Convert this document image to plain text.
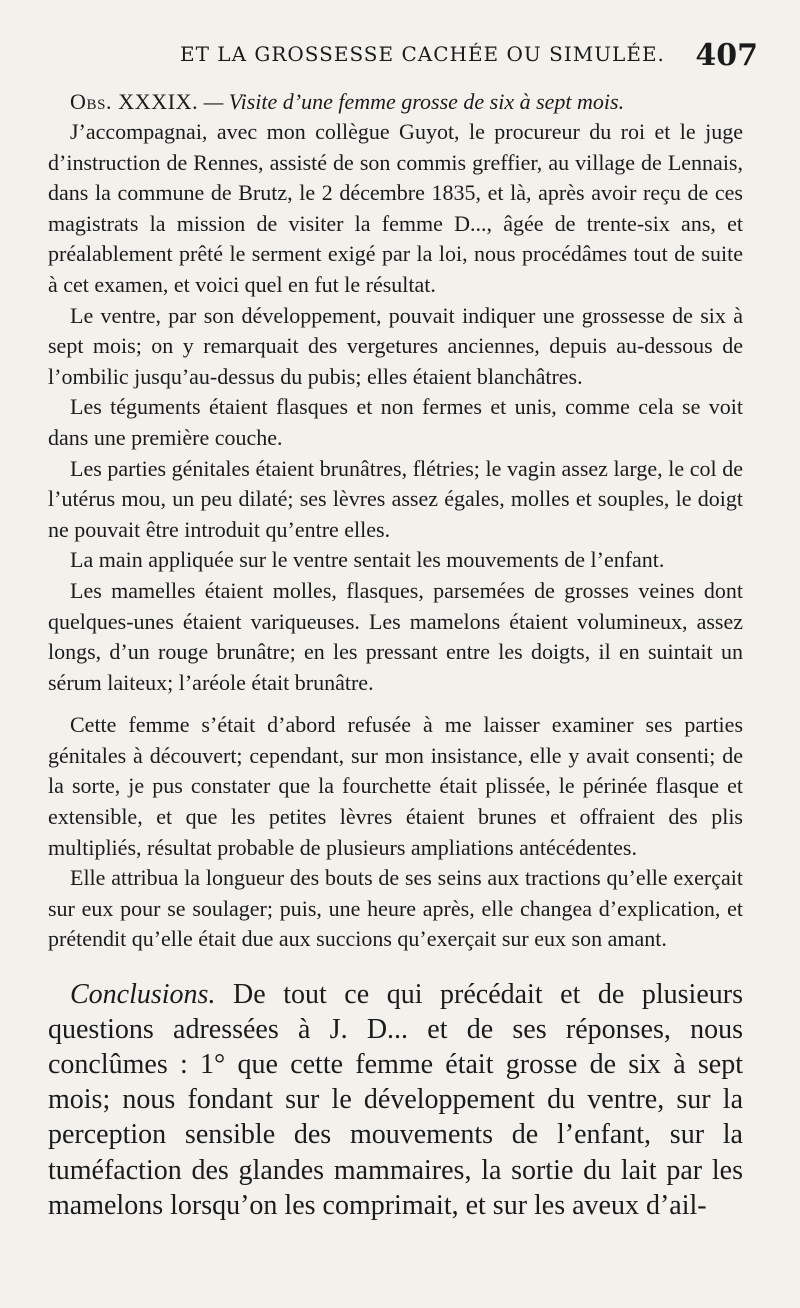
ET LA GROSSESSE CACHÉE OU SIMULÉE. 407

Obs. XXXIX. — Visite d’une femme grosse de six à sept mois.

J’accompagnai, avec mon collègue Guyot, le procureur du roi et le juge d’instruction de Rennes, assisté de son commis greffier, au village de Lennais, dans la commune de Brutz, le 2 décembre 1835, et là, après avoir reçu de ces magistrats la mission de visiter la femme D..., âgée de trente-six ans, et préalablement prêté le serment exigé par la loi, nous procédâmes tout de suite à cet examen, et voici quel en fut le résultat.

Le ventre, par son développement, pouvait indiquer une grossesse de six à sept mois; on y remarquait des vergetures anciennes, depuis au-dessous de l’ombilic jusqu’au-dessus du pubis; elles étaient blanchâtres.

Les téguments étaient flasques et non fermes et unis, comme cela se voit dans une première couche.

Les parties génitales étaient brunâtres, flétries; le vagin assez large, le col de l’utérus mou, un peu dilaté; ses lèvres assez égales, molles et souples, le doigt ne pouvait être introduit qu’entre elles.

La main appliquée sur le ventre sentait les mouvements de l’enfant.

Les mamelles étaient molles, flasques, parsemées de grosses veines dont quelques-unes étaient variqueuses. Les mamelons étaient volumineux, assez longs, d’un rouge brunâtre; en les pressant entre les doigts, il en suintait un sérum laiteux; l’aréole était brunâtre.

Cette femme s’était d’abord refusée à me laisser examiner ses parties génitales à découvert; cependant, sur mon insistance, elle y avait consenti; de la sorte, je pus constater que la fourchette était plissée, le périnée flasque et extensible, et que les petites lèvres étaient brunes et offraient des plis multipliés, résultat probable de plusieurs ampliations antécédentes.

Elle attribua la longueur des bouts de ses seins aux tractions qu’elle exerçait sur eux pour se soulager; puis, une heure après, elle changea d’explication, et prétendit qu’elle était due aux succions qu’exerçait sur eux son amant.

Conclusions. De tout ce qui précédait et de plusieurs questions adressées à J. D... et de ses réponses, nous conclûmes : 1° que cette femme était grosse de six à sept mois; nous fondant sur le développement du ventre, sur la perception sensible des mouvements de l’enfant, sur la tuméfaction des glandes mammaires, la sortie du lait par les mamelons lorsqu’on les comprimait, et sur les aveux d’ail-
